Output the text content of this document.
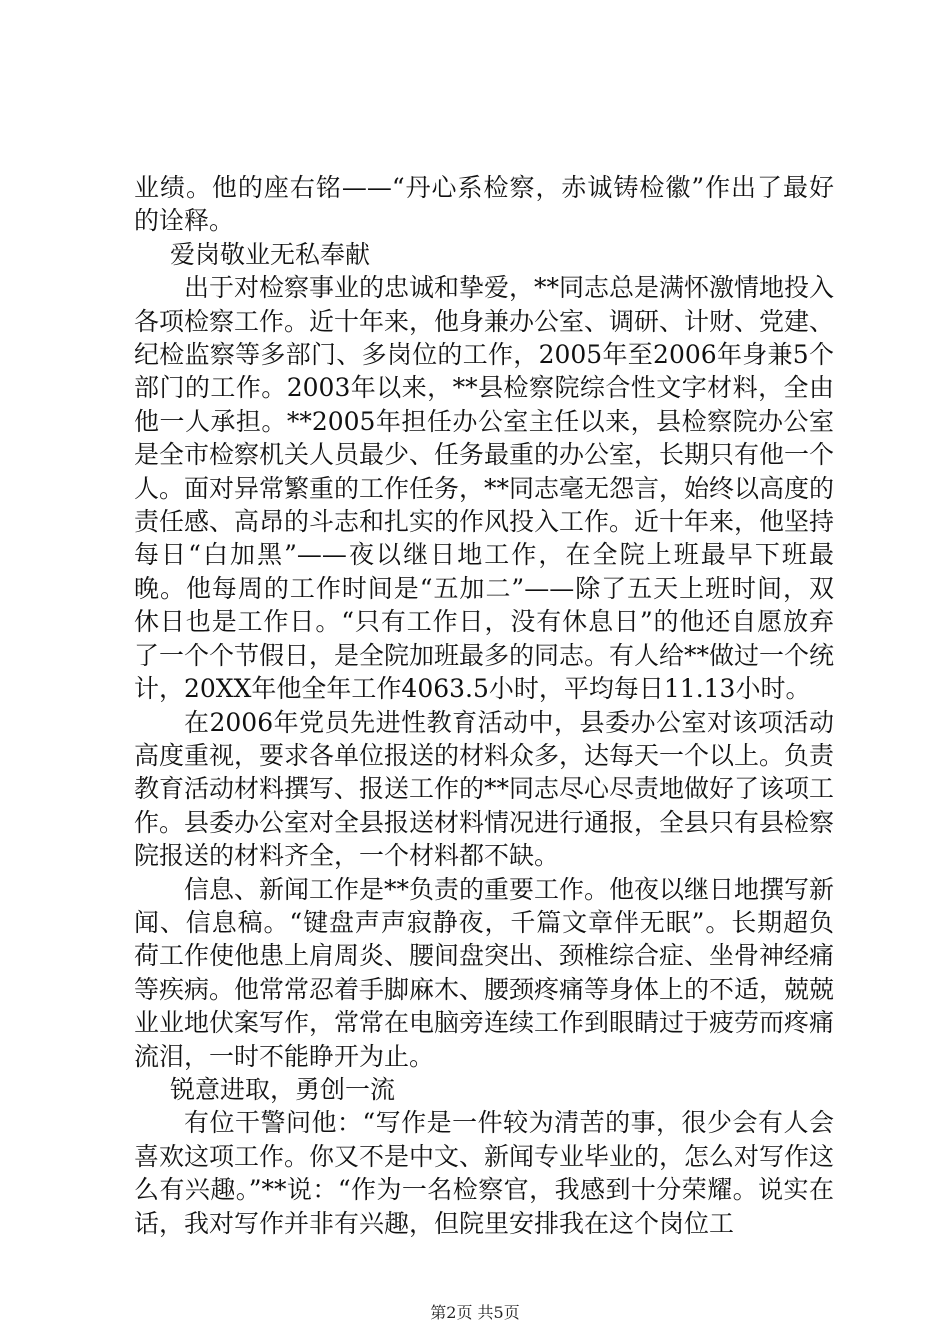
业绩。他的座右铭——“丹心系检察，赤诚铸检徽”作出了最好的诠释。

爱岗敬业无私奉献

出于对检察事业的忠诚和挚爱，**同志总是满怀激情地投入各项检察工作。近十年来，他身兼办公室、调研、计财、党建、纪检监察等多部门、多岗位的工作，2005年至2006年身兼5个部门的工作。2003年以来，**县检察院综合性文字材料，全由他一人承担。**2005年担任办公室主任以来，县检察院办公室是全市检察机关人员最少、任务最重的办公室，长期只有他一个人。面对异常繁重的工作任务，**同志毫无怨言，始终以高度的责任感、高昂的斗志和扎实的作风投入工作。近十年来，他坚持每日“白加黑”——夜以继日地工作，在全院上班最早下班最晚。他每周的工作时间是“五加二”——除了五天上班时间，双休日也是工作日。“只有工作日，没有休息日”的他还自愿放弃了一个个节假日，是全院加班最多的同志。有人给**做过一个统计，20XX年他全年工作4063.5小时，平均每日11.13小时。

在2006年党员先进性教育活动中，县委办公室对该项活动高度重视，要求各单位报送的材料众多，达每天一个以上。负责教育活动材料撰写、报送工作的**同志尽心尽责地做好了该项工作。县委办公室对全县报送材料情况进行通报，全县只有县检察院报送的材料齐全，一个材料都不缺。

信息、新闻工作是**负责的重要工作。他夜以继日地撰写新闻、信息稿。“键盘声声寂静夜，千篇文章伴无眠”。长期超负荷工作使他患上肩周炎、腰间盘突出、颈椎综合症、坐骨神经痛等疾病。他常常忍着手脚麻木、腰颈疼痛等身体上的不适，兢兢业业地伏案写作，常常在电脑旁连续工作到眼睛过于疲劳而疼痛流泪，一时不能睁开为止。

锐意进取，勇创一流

有位干警问他：“写作是一件较为清苦的事，很少会有人会喜欢这项工作。你又不是中文、新闻专业毕业的，怎么对写作这么有兴趣。”**说：“作为一名检察官，我感到十分荣耀。说实在话，我对写作并非有兴趣，但院里安排我在这个岗位工

第2页 共5页
